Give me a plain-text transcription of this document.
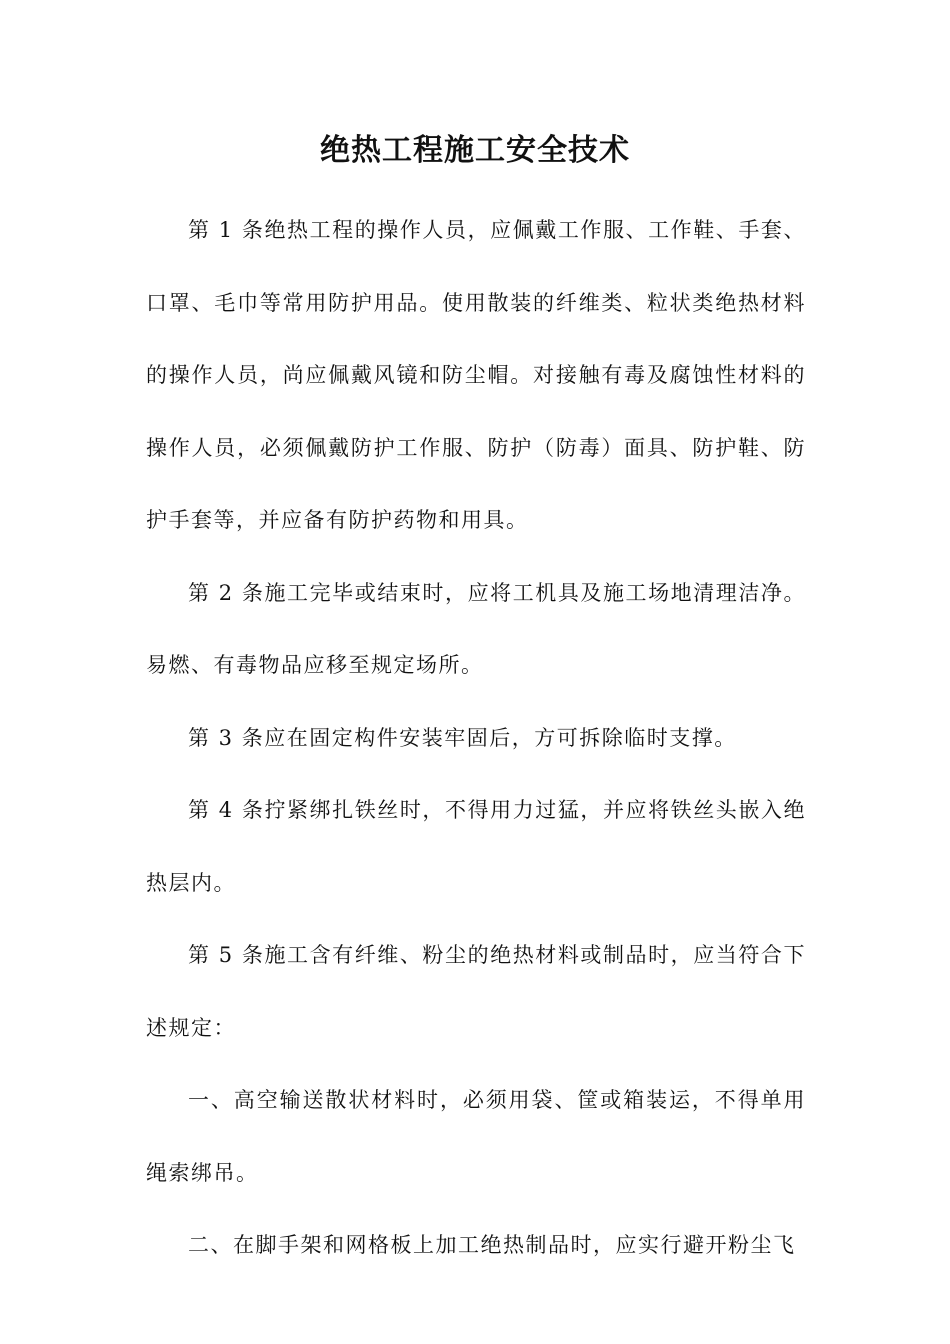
绝热工程施工安全技术

第 1 条绝热工程的操作人员，应佩戴工作服、工作鞋、手套、口罩、毛巾等常用防护用品。使用散装的纤维类、粒状类绝热材料的操作人员，尚应佩戴风镜和防尘帽。对接触有毒及腐蚀性材料的操作人员，必须佩戴防护工作服、防护（防毒）面具、防护鞋、防护手套等，并应备有防护药物和用具。

第 2 条施工完毕或结束时，应将工机具及施工场地清理洁净。易燃、有毒物品应移至规定场所。

第 3 条应在固定构件安装牢固后，方可拆除临时支撑。

第 4 条拧紧绑扎铁丝时，不得用力过猛，并应将铁丝头嵌入绝热层内。

第 5 条施工含有纤维、粉尘的绝热材料或制品时，应当符合下述规定：

一、高空输送散状材料时，必须用袋、筐或箱装运，不得单用绳索绑吊。

二、在脚手架和网格板上加工绝热制品时，应实行避开粉尘飞
